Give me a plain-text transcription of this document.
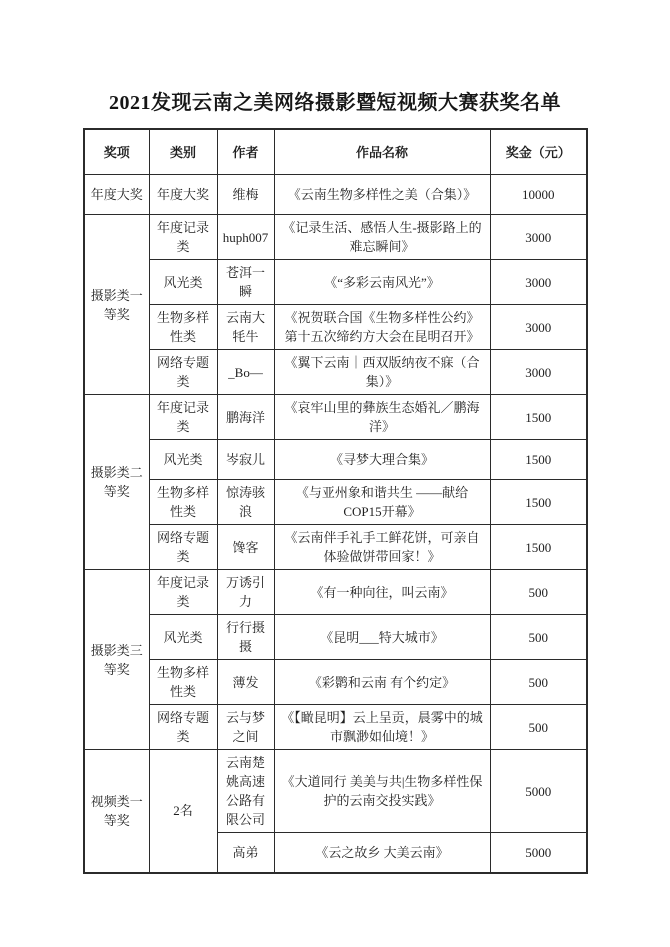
2021发现云南之美网络摄影暨短视频大赛获奖名单
奖项	类别	作者	作品名称	奖金（元）
年度大奖	年度大奖	维梅	《云南生物多样性之美（合集）》	10000
摄影类一等奖	年度记录类	huph007	《记录生活、感悟人生-摄影路上的难忘瞬间》	3000
	风光类	苍洱一瞬	《“多彩云南风光”》	3000
	生物多样性类	云南大牦牛	《祝贺联合国《生物多样性公约》第十五次缔约方大会在昆明召开》	3000
	网络专题类	_Bo—	《翼下云南｜西双版纳夜不寐（合集）》	3000
摄影类二等奖	年度记录类	鹏海洋	《哀牢山里的彝族生态婚礼／鹏海洋》	1500
	风光类	岑寂儿	《寻梦大理合集》	1500
	生物多样性类	惊涛骇浪	《与亚州象和谐共生 ——献给COP15开幕》	1500
	网络专题类	馋客	《云南伴手礼手工鲜花饼，可亲自体验做饼带回家！》	1500
摄影类三等奖	年度记录类	万诱引力	《有一种向往，叫云南》	500
	风光类	行行摄摄	《昆明___特大城市》	500
	生物多样性类	薄发	《彩鹮和云南 有个约定》	500
	网络专题类	云与梦之间	《【瞰昆明】云上呈贡，晨雾中的城市飘渺如仙境！》	500
视频类一等奖	2名	云南楚姚高速公路有限公司	《大道同行 美美与共|生物多样性保护的云南交投实践》	5000
		高弟	《云之故乡 大美云南》	5000
